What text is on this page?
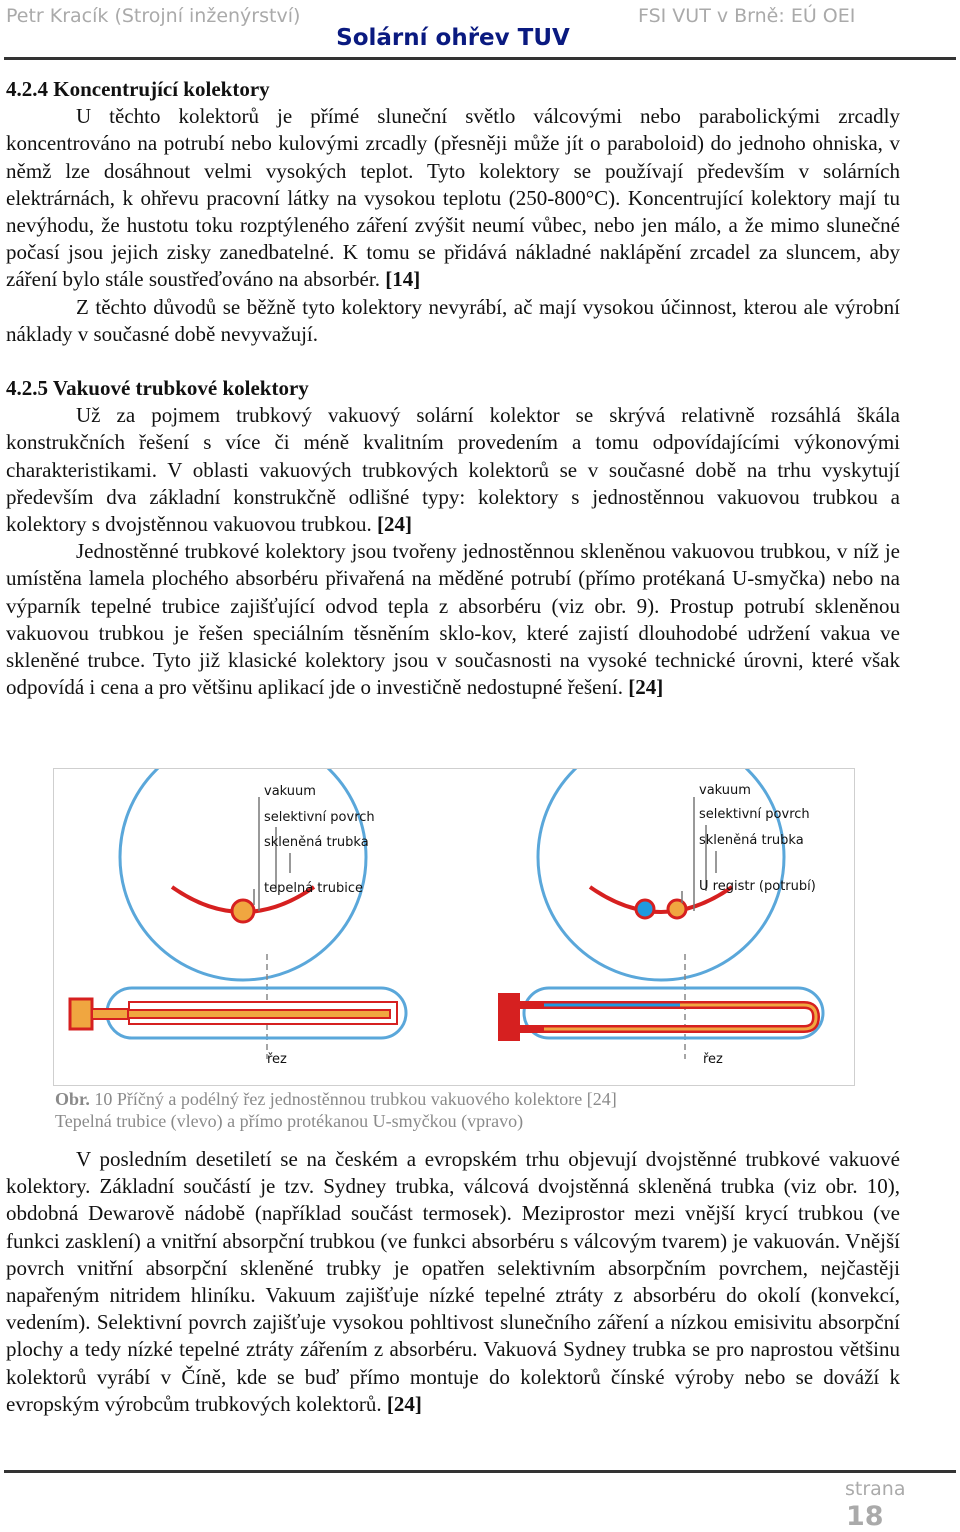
Petr Kracík (Strojní inženýrství)	FSI VUT v Brně: EÚ OEI
Solární ohřev TUV
4.2.4 Koncentrující kolektory

U těchto kolektorů je přímé sluneční světlo válcovými nebo parabolickými zrcadly koncentrováno na potrubí nebo kulovými zrcadly (přesněji může jít o paraboloid) do jednoho ohniska, v němž lze dosáhnout velmi vysokých teplot. Tyto kolektory se používají především v solárních elektrárnách, k ohřevu pracovní látky na vysokou teplotu (250-800°C). Koncentrující kolektory mají tu nevýhodu, že hustotu toku rozptýleného záření zvýšit neumí vůbec, nebo jen málo, a že mimo slunečné počasí jsou jejich zisky zanedbatelné. K tomu se přidává nákladné naklápění zrcadel za sluncem, aby záření bylo stále soustřeďováno na absorbér. [14]

Z těchto důvodů se běžně tyto kolektory nevyrábí, ač mají vysokou účinnost, kterou ale výrobní náklady v současné době nevyvažují.

4.2.5 Vakuové trubkové kolektory

Už za pojmem trubkový vakuový solární kolektor se skrývá relativně rozsáhlá škála konstrukčních řešení s více či méně kvalitním provedením a tomu odpovídajícími výkonovými charakteristikami. V oblasti vakuových trubkových kolektorů se v současné době na trhu vyskytují především dva základní konstrukčně odlišné typy: kolektory s jednostěnnou vakuovou trubkou a kolektory s dvojstěnnou vakuovou trubkou. [24]

Jednostěnné trubkové kolektory jsou tvořeny jednostěnnou skleněnou vakuovou trubkou, v níž je umístěna lamela plochého absorbéru přivařená na měděné potrubí (přímo protékaná U-smyčka) nebo na výparník tepelné trubice zajišťující odvod tepla z absorbéru (viz obr. 9). Prostup potrubí skleněnou vakuovou trubkou je řešen speciálním těsněním sklo-kov, které zajistí dlouhodobé udržení vakua ve skleněné trubce. Tyto již klasické kolektory jsou v současnosti na vysoké technické úrovni, které však odpovídá i cena a pro většinu aplikací jde o investičně nedostupné řešení. [24]

vakuum
selektivní povrch
skleněná trubka
tepelná trubice
řez
vakuum
selektivní povrch
skleněná trubka
U registr (potrubí)
řez
Obr. 10 Příčný a podélný řez jednostěnnou trubkou vakuového kolektore [24]
Tepelná trubice (vlevo) a přímo protékanou U-smyčkou (vpravo)

V posledním desetiletí se na českém a evropském trhu objevují dvojstěnné trubkové vakuové kolektory. Základní součástí je tzv. Sydney trubka, válcová dvojstěnná skleněná trubka (viz obr. 10), obdobná Dewarově nádobě (například součást termosek). Meziprostor mezi vnější krycí trubkou (ve funkci zasklení) a vnitřní absorpční trubkou (ve funkci absorbéru s válcovým tvarem) je vakuován. Vnější povrch vnitřní absorpční skleněné trubky je opatřen selektivním absorpčním povrchem, nejčastěji napařeným nitridem hliníku. Vakuum zajišťuje nízké tepelné ztráty z absorbéru do okolí (konvekcí, vedením). Selektivní povrch zajišťuje vysokou pohltivost slunečního záření a nízkou emisivitu absorpční plochy a tedy nízké tepelné ztráty zářením z absorbéru. Vakuová Sydney trubka se pro naprostou většinu kolektorů vyrábí v Číně, kde se buď přímo montuje do kolektorů čínské výroby nebo se dováží k evropským výrobcům trubkových kolektorů. [24]

strana
18
